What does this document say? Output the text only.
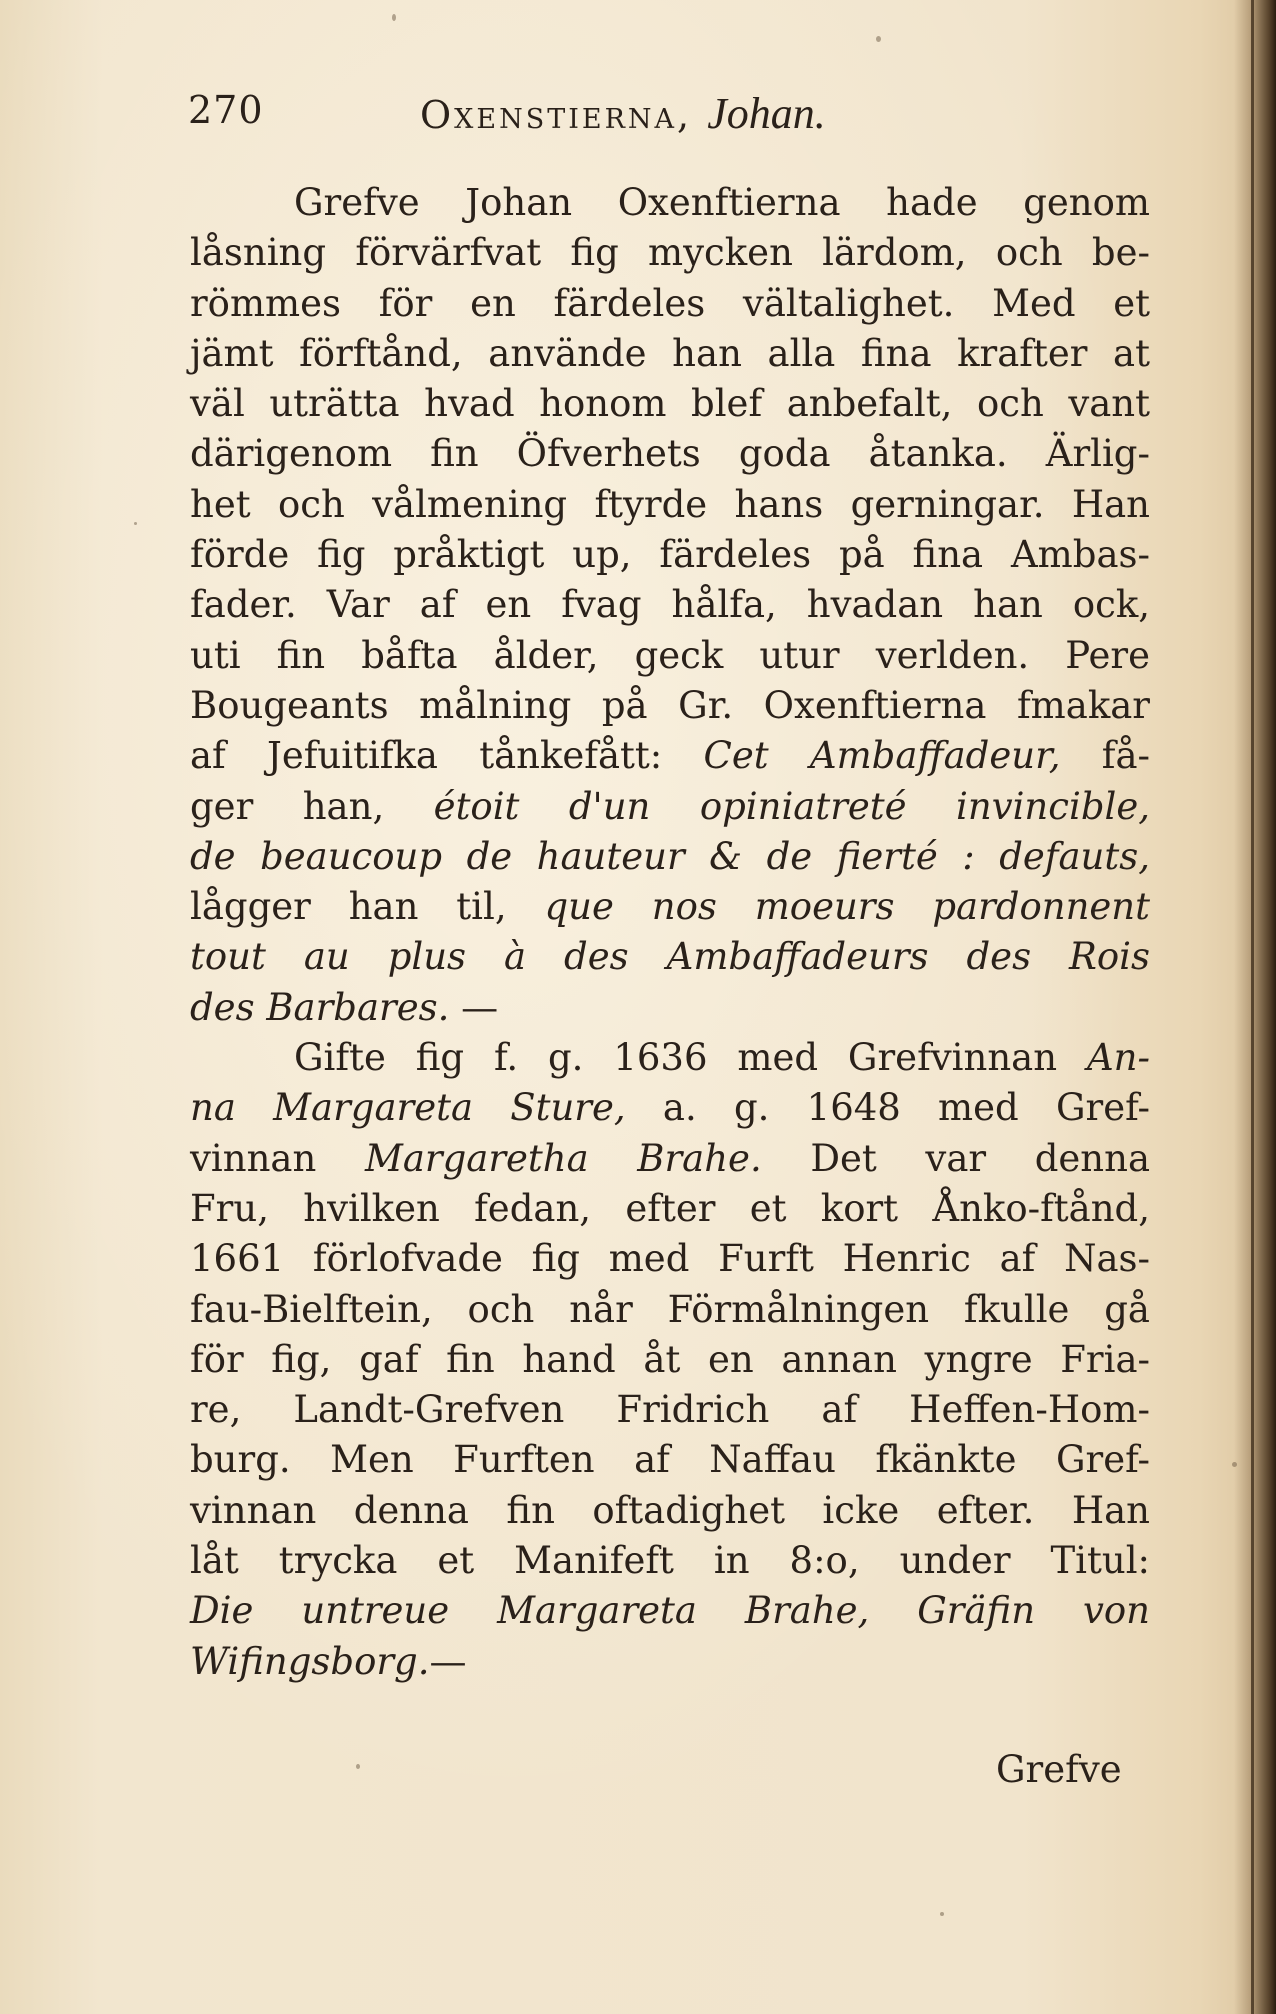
270	Oxenstierna, Johan.
Grefve Johan Oxenftierna hade genom
låsning förvärfvat fig mycken lärdom, och be-
römmes för en färdeles vältalighet. Med et
jämt förftånd, använde han alla fina krafter at
väl uträtta hvad honom blef anbefalt, och vant
därigenom fin Öfverhets goda åtanka. Ärlig-
het och vålmening ftyrde hans gerningar. Han
förde fig pråktigt up, färdeles på fina Ambas-
fader. Var af en fvag hålfa, hvadan han ock,
uti fin båfta ålder, geck utur verlden. Pere
Bougeants målning på Gr. Oxenftierna fmakar
af Jefuitifka tånkefått: Cet Ambaffadeur, få-
ger han, étoit d'un opiniatreté invincible,
de beaucoup de hauteur & de fierté : defauts,
lågger han til, que nos moeurs pardonnent
tout au plus à des Ambaffadeurs des Rois
des Barbares. —
Gifte fig f. g. 1636 med Grefvinnan An-
na Margareta Sture, a. g. 1648 med Gref-
vinnan Margaretha Brahe. Det var denna
Fru, hvilken fedan, efter et kort Ånko-ftånd,
1661 förlofvade fig med Furft Henric af Nas-
fau-Bielftein, och når Förmålningen fkulle gå
för fig, gaf fin hand åt en annan yngre Fria-
re, Landt-Grefven Fridrich af Heffen-Hom-
burg. Men Furften af Naffau fkänkte Gref-
vinnan denna fin oftadighet icke efter. Han
låt trycka et Manifeft in 8:o, under Titul:
Die untreue Margareta Brahe, Gräfin von
Wifingsborg.—
Grefve
